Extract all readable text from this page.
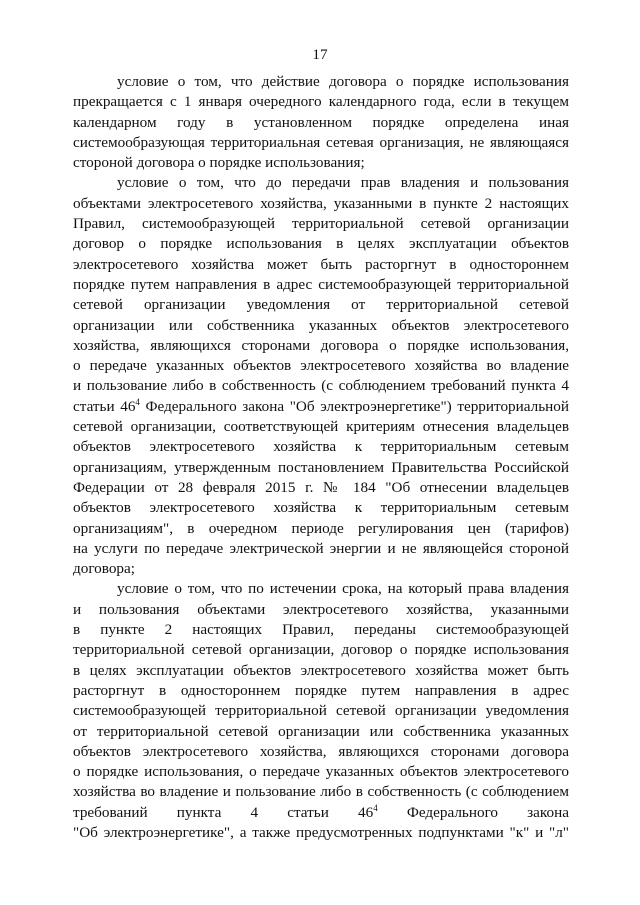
17

условие о том, что действие договора о порядке использования
прекращается с 1 января очередного календарного года, если в текущем
календарном году в установленном порядке определена иная
системообразующая территориальная сетевая организация, не являющаяся
стороной договора о порядке использования;

условие о том, что до передачи прав владения и пользования
объектами электросетевого хозяйства, указанными в пункте 2 настоящих
Правил, системообразующей территориальной сетевой организации
договор о порядке использования в целях эксплуатации объектов
электросетевого хозяйства может быть расторгнут в одностороннем
порядке путем направления в адрес системообразующей территориальной
сетевой организации уведомления от территориальной сетевой
организации или собственника указанных объектов электросетевого
хозяйства, являющихся сторонами договора о порядке использования,
о передаче указанных объектов электросетевого хозяйства во владение
и пользование либо в собственность (с соблюдением требований пункта 4
статьи $46^4$ Федерального закона "Об электроэнергетике") территориальной
сетевой организации, соответствующей критериям отнесения владельцев
объектов электросетевого хозяйства к территориальным сетевым
организациям, утвержденным постановлением Правительства Российской
Федерации от 28 февраля 2015 г. № 184 "Об отнесении владельцев
объектов электросетевого хозяйства к территориальным сетевым
организациям", в очередном периоде регулирования цен (тарифов)
на услуги по передаче электрической энергии и не являющейся стороной
договора;

условие о том, что по истечении срока, на который права владения
и пользования объектами электросетевого хозяйства, указанными
в пункте 2 настоящих Правил, переданы системообразующей
территориальной сетевой организации, договор о порядке использования
в целях эксплуатации объектов электросетевого хозяйства может быть
расторгнут в одностороннем порядке путем направления в адрес
системообразующей территориальной сетевой организации уведомления
от территориальной сетевой организации или собственника указанных
объектов электросетевого хозяйства, являющихся сторонами договора
о порядке использования, о передаче указанных объектов электросетевого
хозяйства во владение и пользование либо в собственность (с соблюдением
требований пункта 4 статьи $46^4$ Федерального закона
"Об электроэнергетике", а также предусмотренных подпунктами "к" и "л"
